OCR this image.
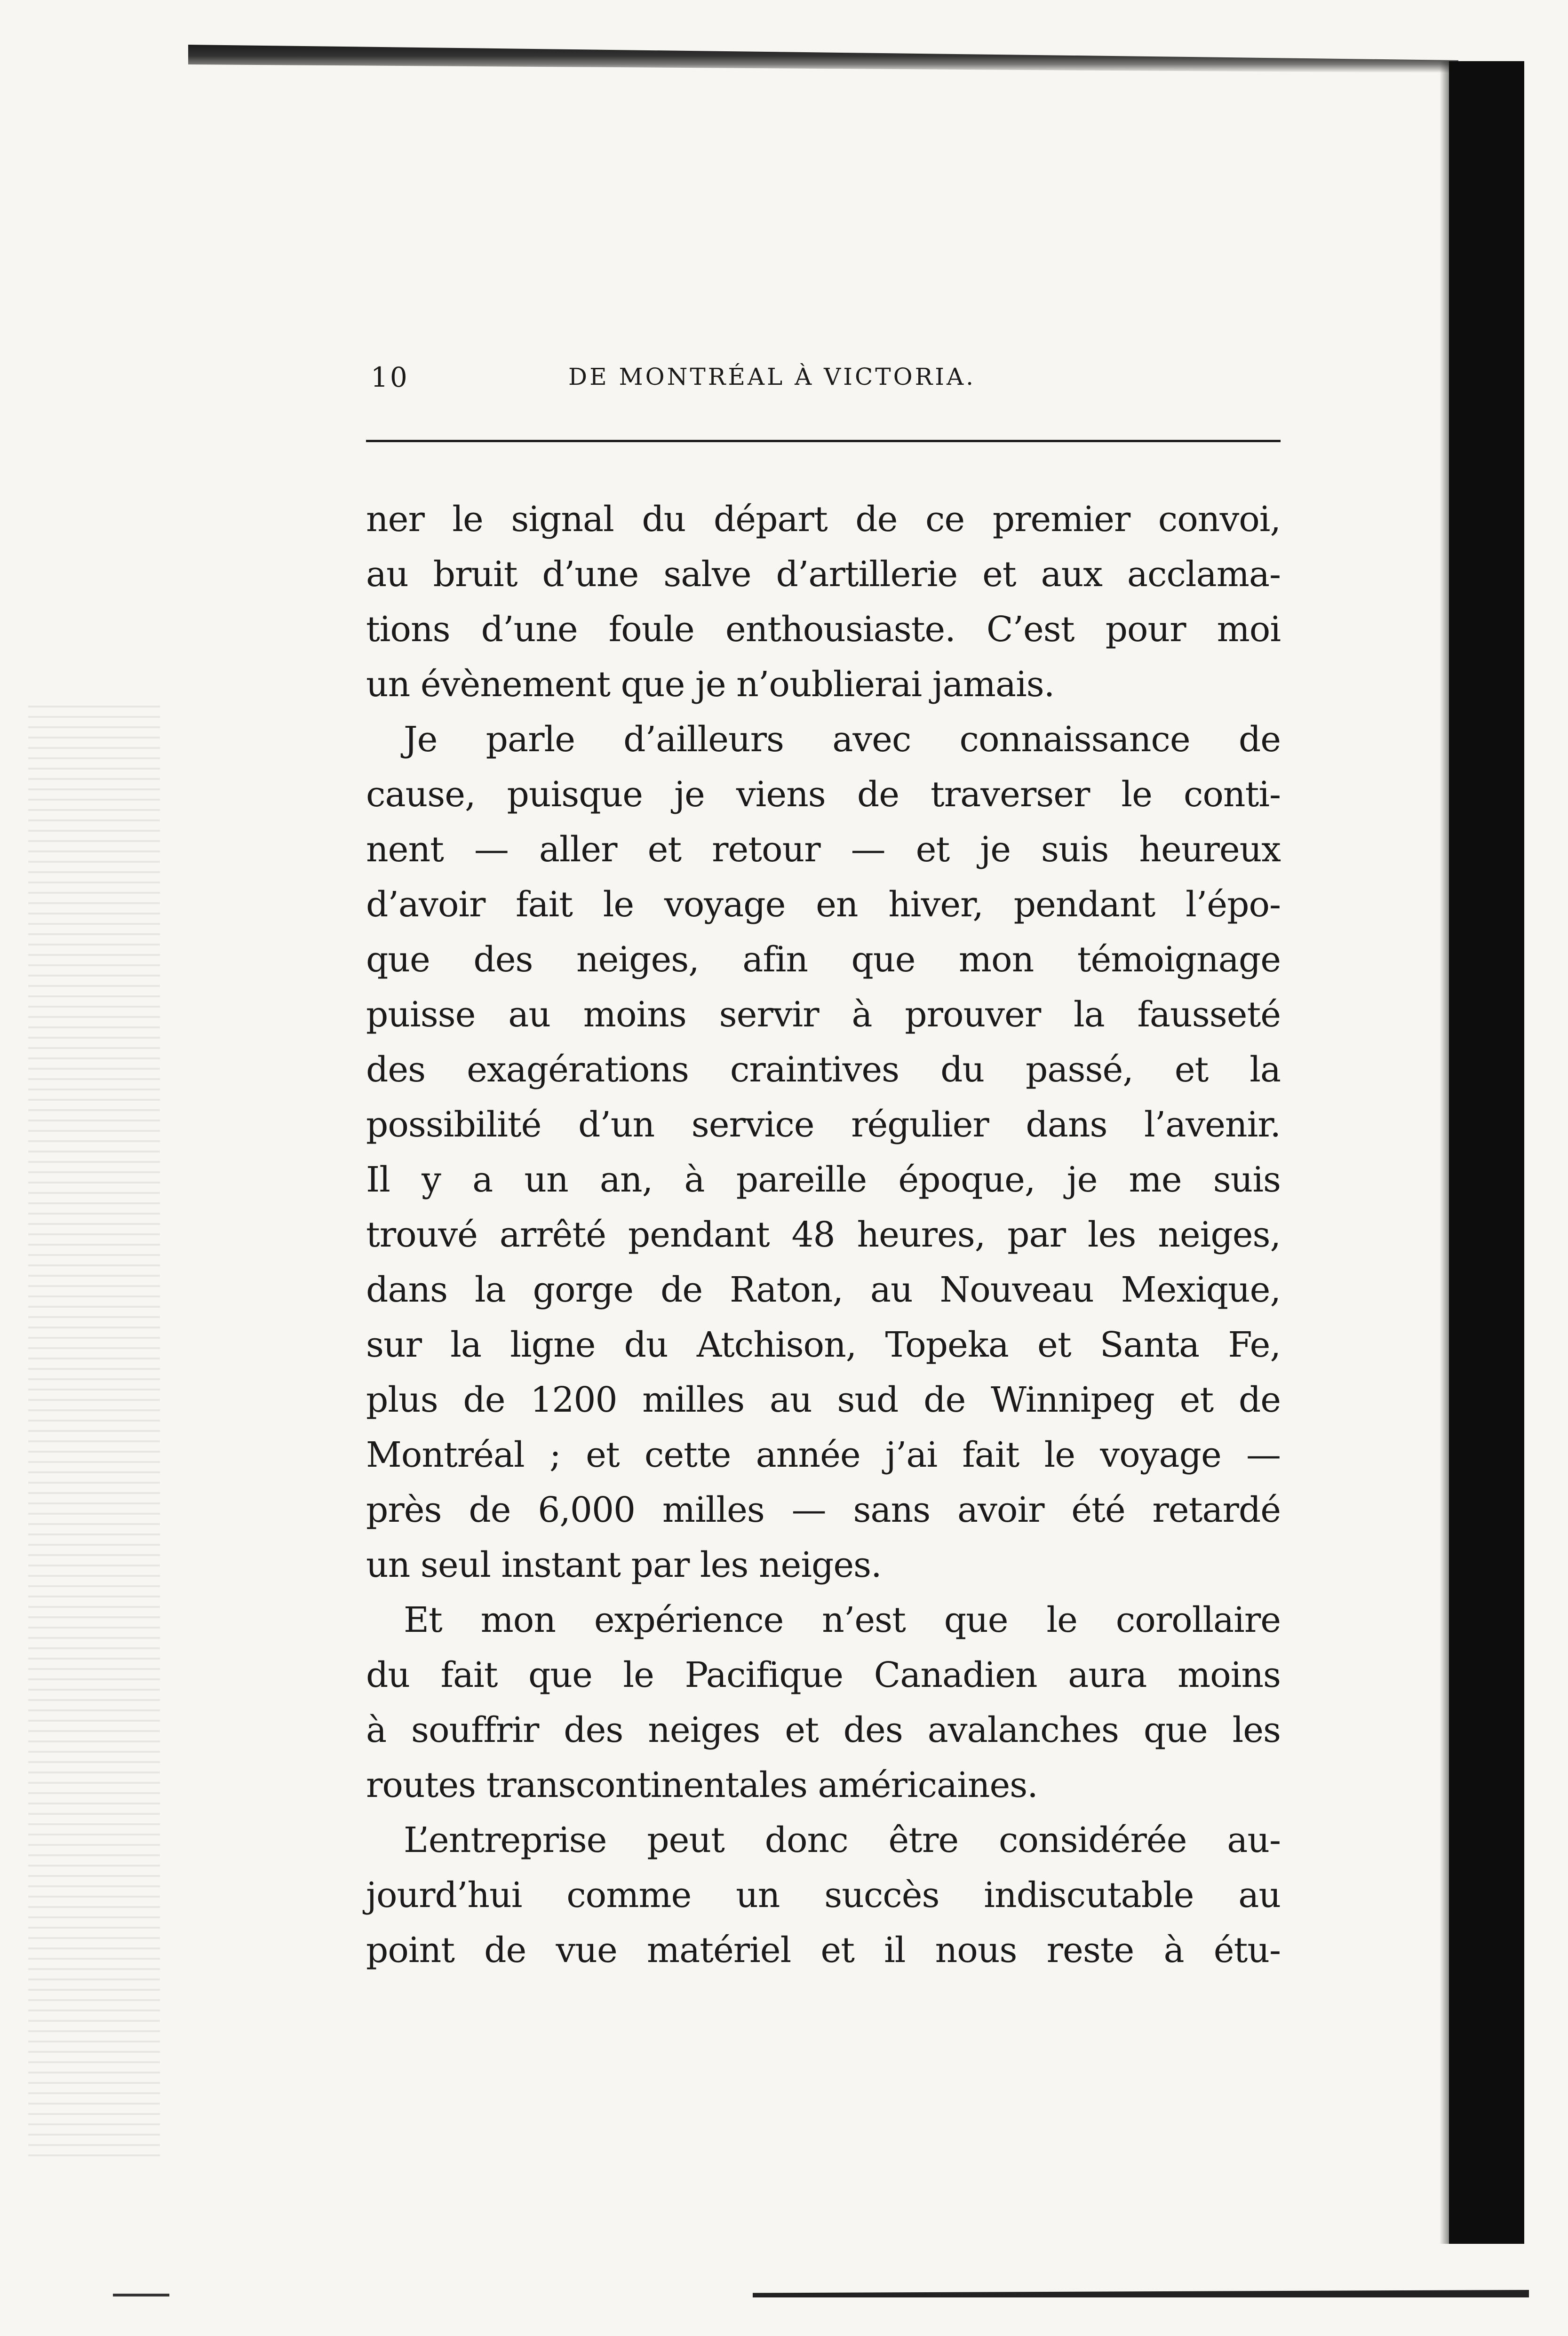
10	DE MONTRÉAL À VICTORIA.
ner le signal du départ de ce premier convoi,
au bruit d’une salve d’artillerie et aux acclama-
tions d’une foule enthousiaste. C’est pour moi
un évènement que je n’oublierai jamais.
Je parle d’ailleurs avec connaissance de
cause, puisque je viens de traverser le conti-
nent — aller et retour — et je suis heureux
d’avoir fait le voyage en hiver, pendant l’épo-
que des neiges, afin que mon témoignage
puisse au moins servir à prouver la fausseté
des exagérations craintives du passé, et la
possibilité d’un service régulier dans l’avenir.
Il y a un an, à pareille époque, je me suis
trouvé arrêté pendant 48 heures, par les neiges,
dans la gorge de Raton, au Nouveau Mexique,
sur la ligne du Atchison, Topeka et Santa Fe,
plus de 1200 milles au sud de Winnipeg et de
Montréal ; et cette année j’ai fait le voyage —
près de 6,000 milles — sans avoir été retardé
un seul instant par les neiges.
Et mon expérience n’est que le corollaire
du fait que le Pacifique Canadien aura moins
à souffrir des neiges et des avalanches que les
routes transcontinentales américaines.
L’entreprise peut donc être considérée au-
jourd’hui comme un succès indiscutable au
point de vue matériel et il nous reste à étu-
